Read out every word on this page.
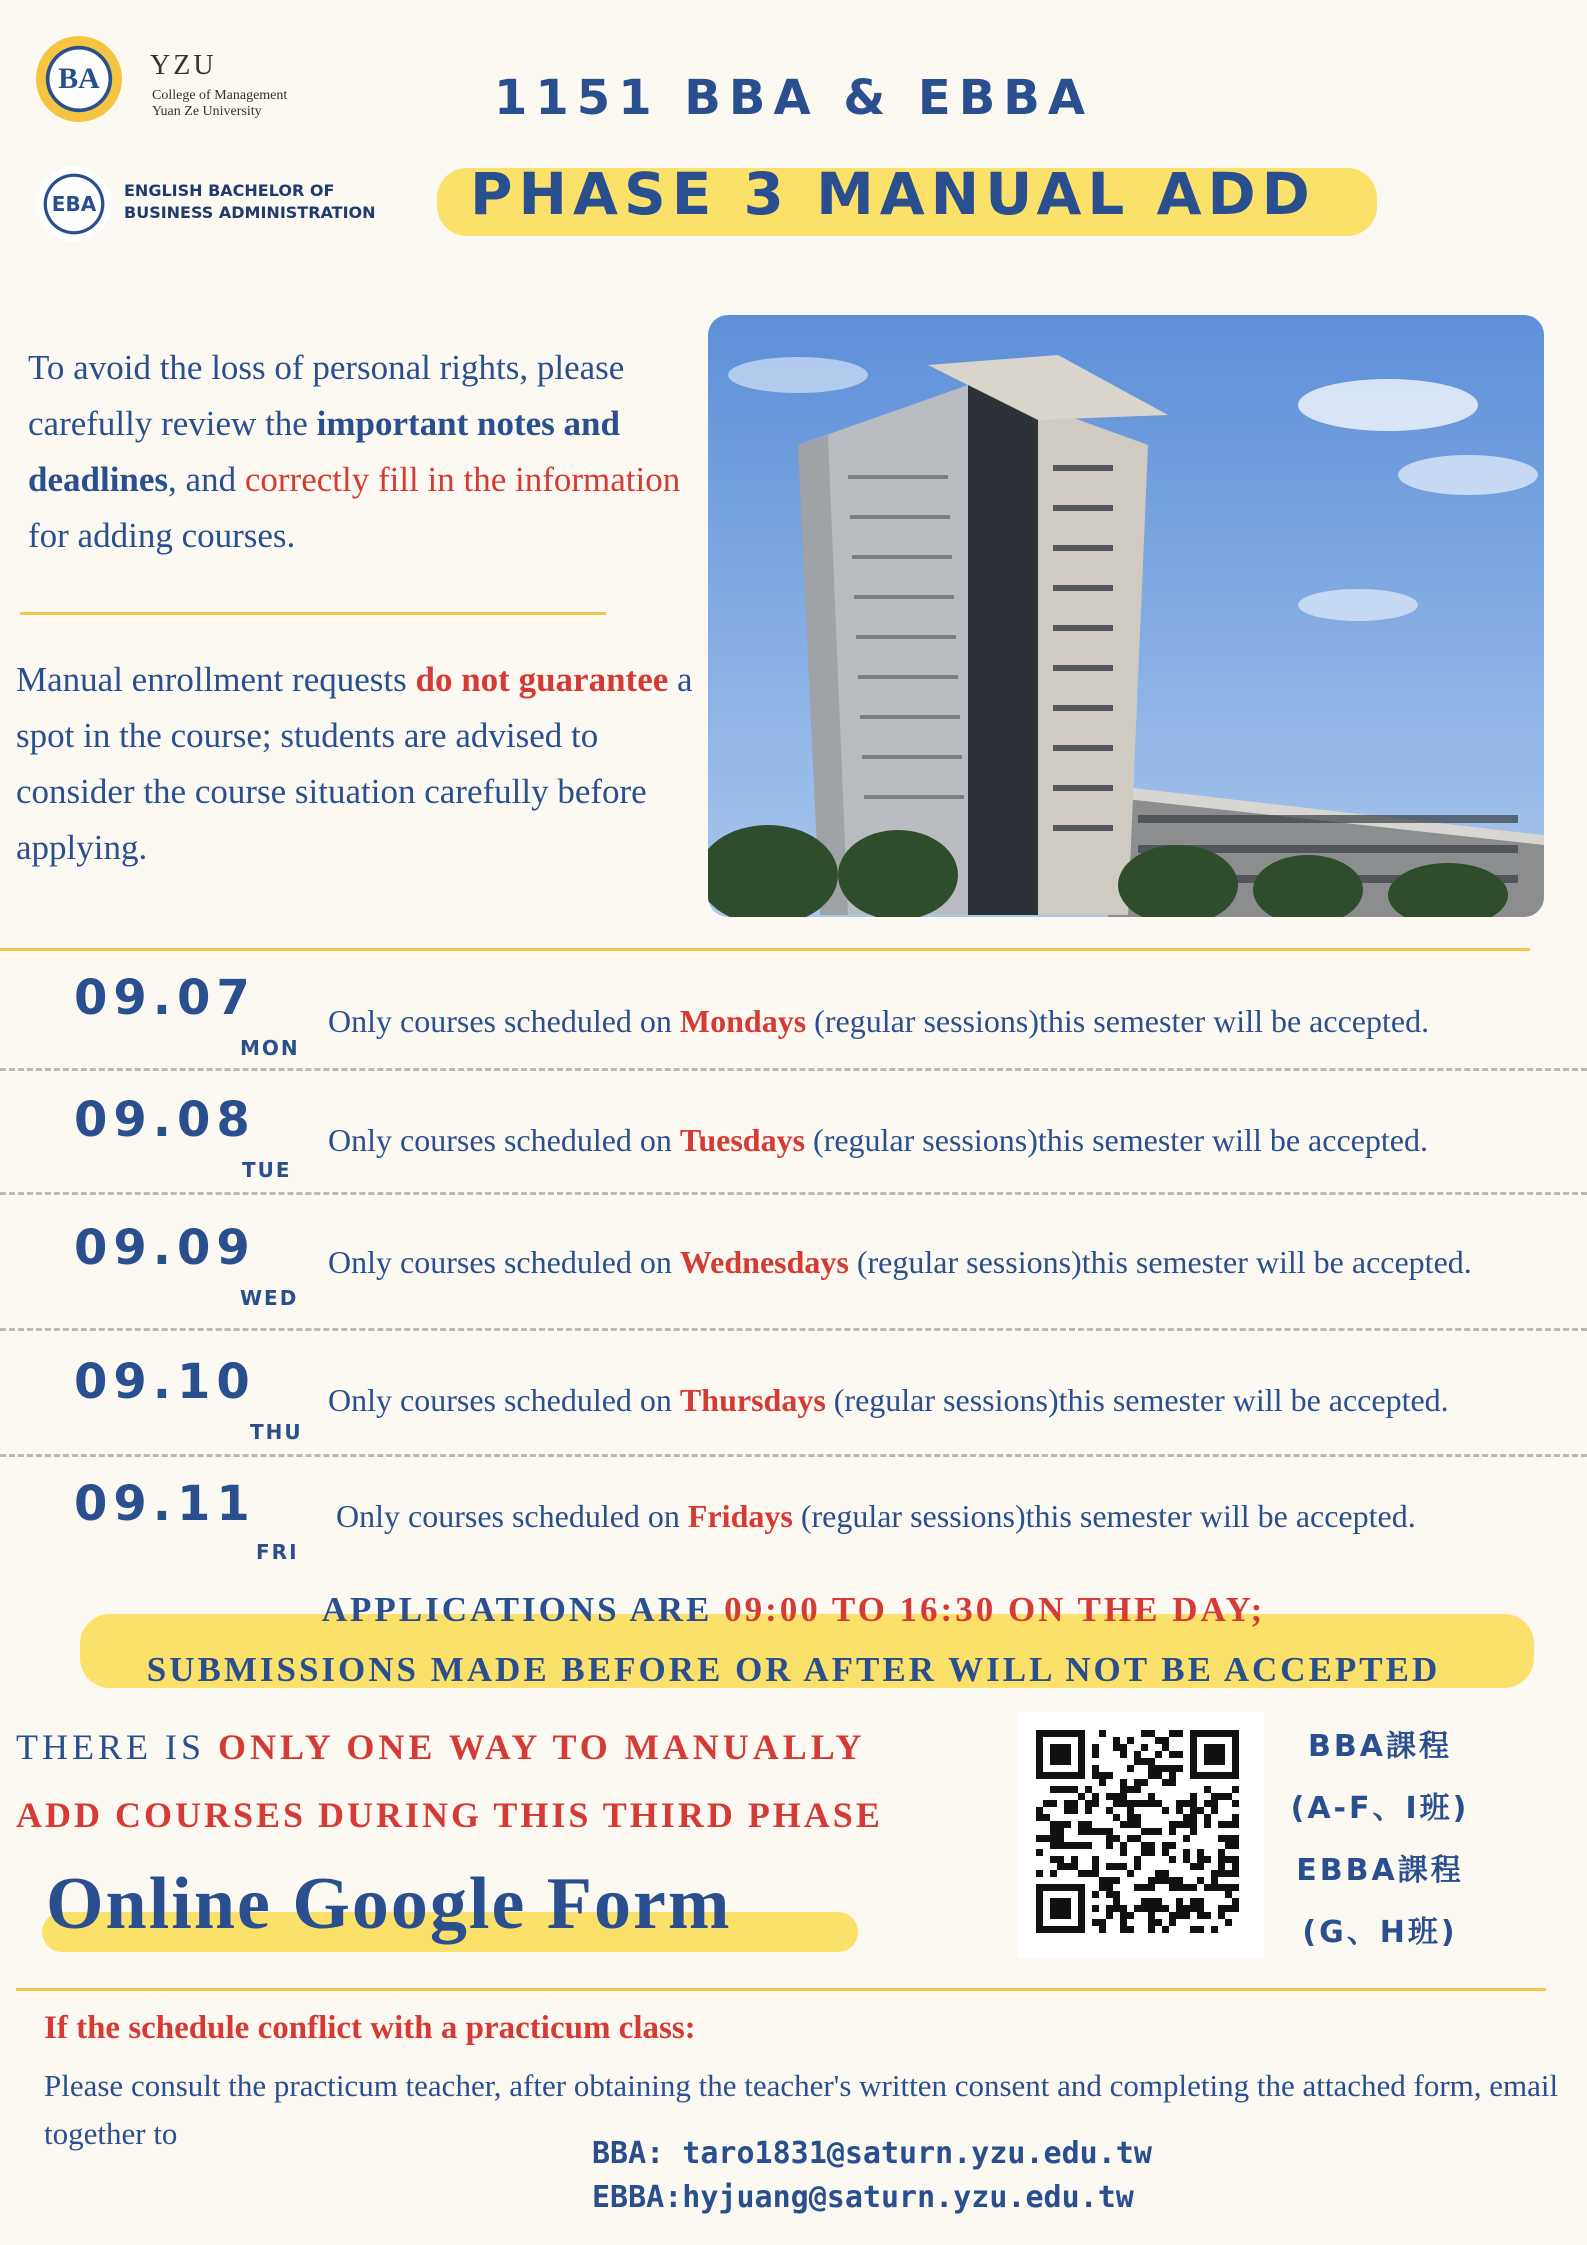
BA	YZU
College of Management
Yuan Ze University
EBA
ENGLISH BACHELOR OF
BUSINESS ADMINISTRATION
1151 BBA & EBBA
PHASE 3 MANUAL ADD
To avoid the loss of personal rights, please carefully review the important notes and deadlines, and correctly fill in the information for adding courses.
Manual enrollment requests do not guarantee a spot in the course; students are advised to consider the course situation carefully before applying.
09.07
MON
Only courses scheduled on Mondays (regular sessions)this semester will be accepted.
09.08
TUE
Only courses scheduled on Tuesdays (regular sessions)this semester will be accepted.
09.09
WED
Only courses scheduled on Wednesdays (regular sessions)this semester will be accepted.
09.10
THU
Only courses scheduled on Thursdays (regular sessions)this semester will be accepted.
09.11
FRI
Only courses scheduled on Fridays (regular sessions)this semester will be accepted.
APPLICATIONS ARE 09:00 TO 16:30 ON THE DAY;
SUBMISSIONS MADE BEFORE OR AFTER WILL NOT BE ACCEPTED
THERE IS ONLY ONE WAY TO MANUALLY
ADD COURSES DURING THIS THIRD PHASE
Online Google Form
BBA課程
(A-F、I班)
EBBA課程
(G、H班)
If the schedule conflict with a practicum class:
Please consult the practicum teacher, after obtaining the teacher's written consent and completing the attached form, email together to
BBA: taro1831@saturn.yzu.edu.tw
EBBA:hyjuang@saturn.yzu.edu.tw
